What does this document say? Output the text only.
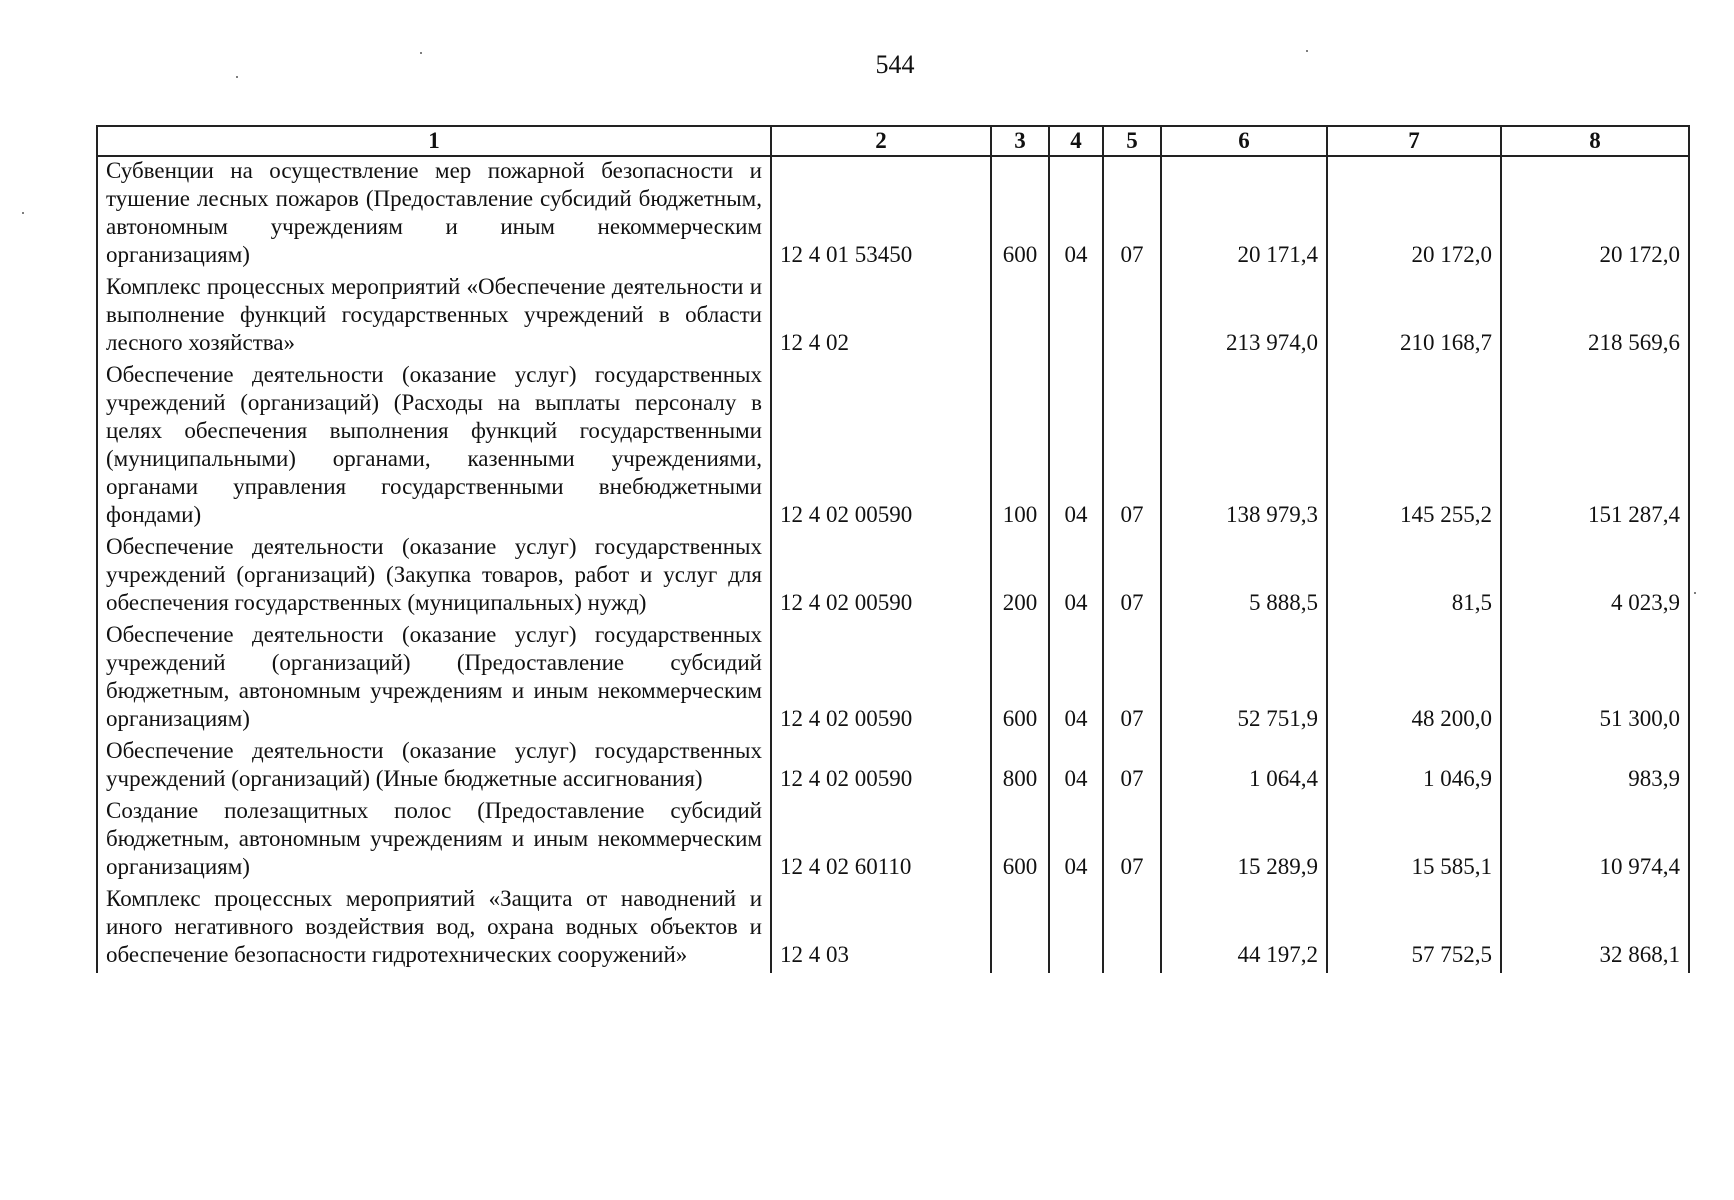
544
1	2	3	4	5	6	7	8
Субвенции на осуществление мер пожарной безопасности и тушение лесных пожаров (Предоставление субсидий бюджетным, автономным учреждениям и иным некоммерческим организациям)	12 4 01 53450	600	04	07	20 171,4	20 172,0	20 172,0
Комплекс процессных мероприятий «Обеспечение деятельности и выполнение функций государственных учреждений в области лесного хозяйства»	12 4 02				213 974,0	210 168,7	218 569,6
Обеспечение деятельности (оказание услуг) государственных учреждений (организаций) (Расходы на выплаты персоналу в целях обеспечения выполнения функций государственными (муниципальными) органами, казенными учреждениями, органами управления государственными внебюджетными фондами)	12 4 02 00590	100	04	07	138 979,3	145 255,2	151 287,4
Обеспечение деятельности (оказание услуг) государственных учреждений (организаций) (Закупка товаров, работ и услуг для обеспечения государственных (муниципальных) нужд)	12 4 02 00590	200	04	07	5 888,5	81,5	4 023,9
Обеспечение деятельности (оказание услуг) государственных учреждений (организаций) (Предоставление субсидий бюджетным, автономным учреждениям и иным некоммерческим организациям)	12 4 02 00590	600	04	07	52 751,9	48 200,0	51 300,0
Обеспечение деятельности (оказание услуг) государственных учреждений (организаций) (Иные бюджетные ассигнования)	12 4 02 00590	800	04	07	1 064,4	1 046,9	983,9
Создание полезащитных полос (Предоставление субсидий бюджетным, автономным учреждениям и иным некоммерческим организациям)	12 4 02 60110	600	04	07	15 289,9	15 585,1	10 974,4
Комплекс процессных мероприятий «Защита от наводнений и иного негативного воздействия вод, охрана водных объектов и обеспечение безопасности гидротехнических сооружений»	12 4 03				44 197,2	57 752,5	32 868,1
